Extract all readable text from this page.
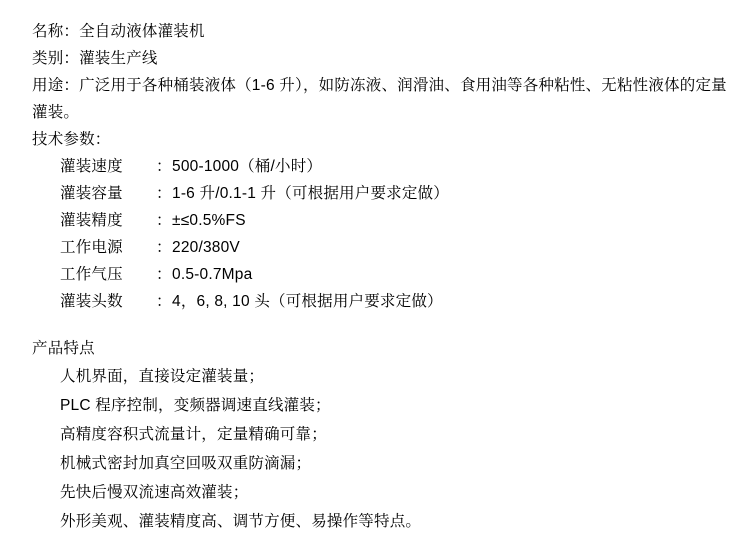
名称：全自动液体灌装机
类别：灌装生产线
用途：广泛用于各种桶装液体（1-6 升），如防冻液、润滑油、食用油等各种粘性、无粘性液体的定量灌装。
技术参数：
灌装速度	： 500-1000（桶/小时）
灌装容量	： 1-6 升/0.1-1 升（可根据用户要求定做）
灌装精度	： ±≤0.5%FS
工作电源	： 220/380V
工作气压	： 0.5-0.7Mpa
灌装头数	： 4，6, 8, 10 头（可根据用户要求定做）
产品特点
人机界面，直接设定灌装量；
PLC 程序控制，变频器调速直线灌装；
高精度容积式流量计，定量精确可靠；
机械式密封加真空回吸双重防滴漏；
先快后慢双流速高效灌装；
外形美观、灌装精度高、调节方便、易操作等特点。
